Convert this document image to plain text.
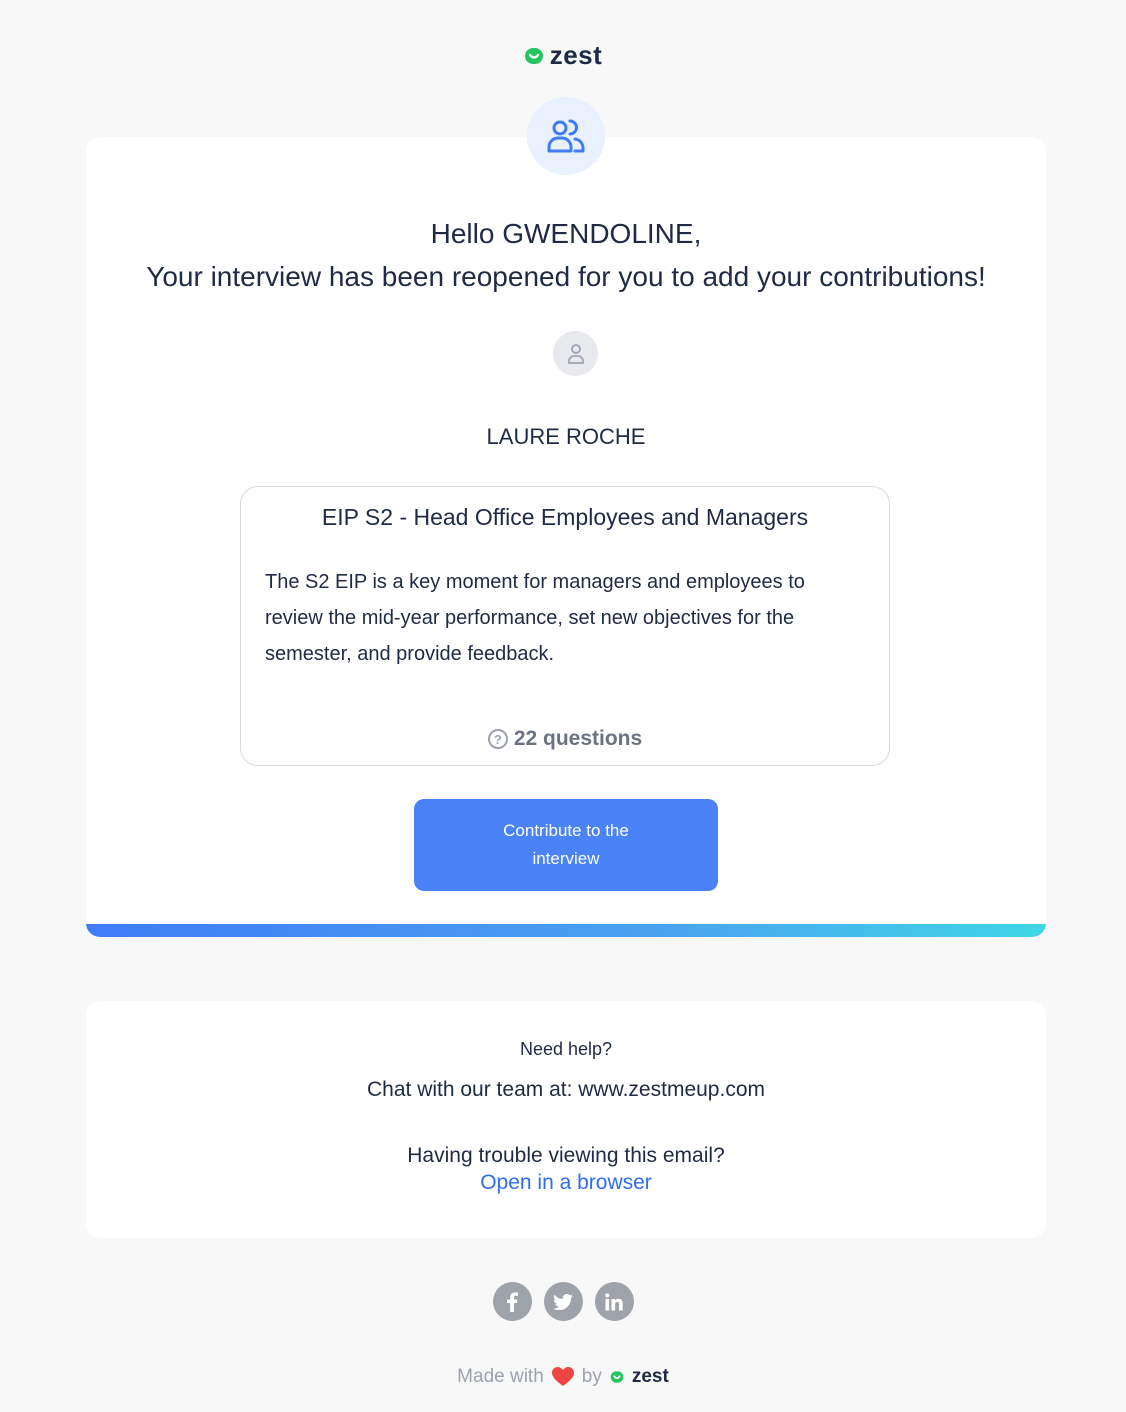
zest
Hello GWENDOLINE,
Your interview has been reopened for you to add your contributions!
LAURE ROCHE
EIP S2 - Head Office Employees and Managers
The S2 EIP is a key moment for managers and employees to review the mid-year performance, set new objectives for the semester, and provide feedback.
? 22 questions
Contribute to the interview
Need help?
Chat with our team at: www.zestmeup.com
Having trouble viewing this email?
Open in a browser
Made with by zest
